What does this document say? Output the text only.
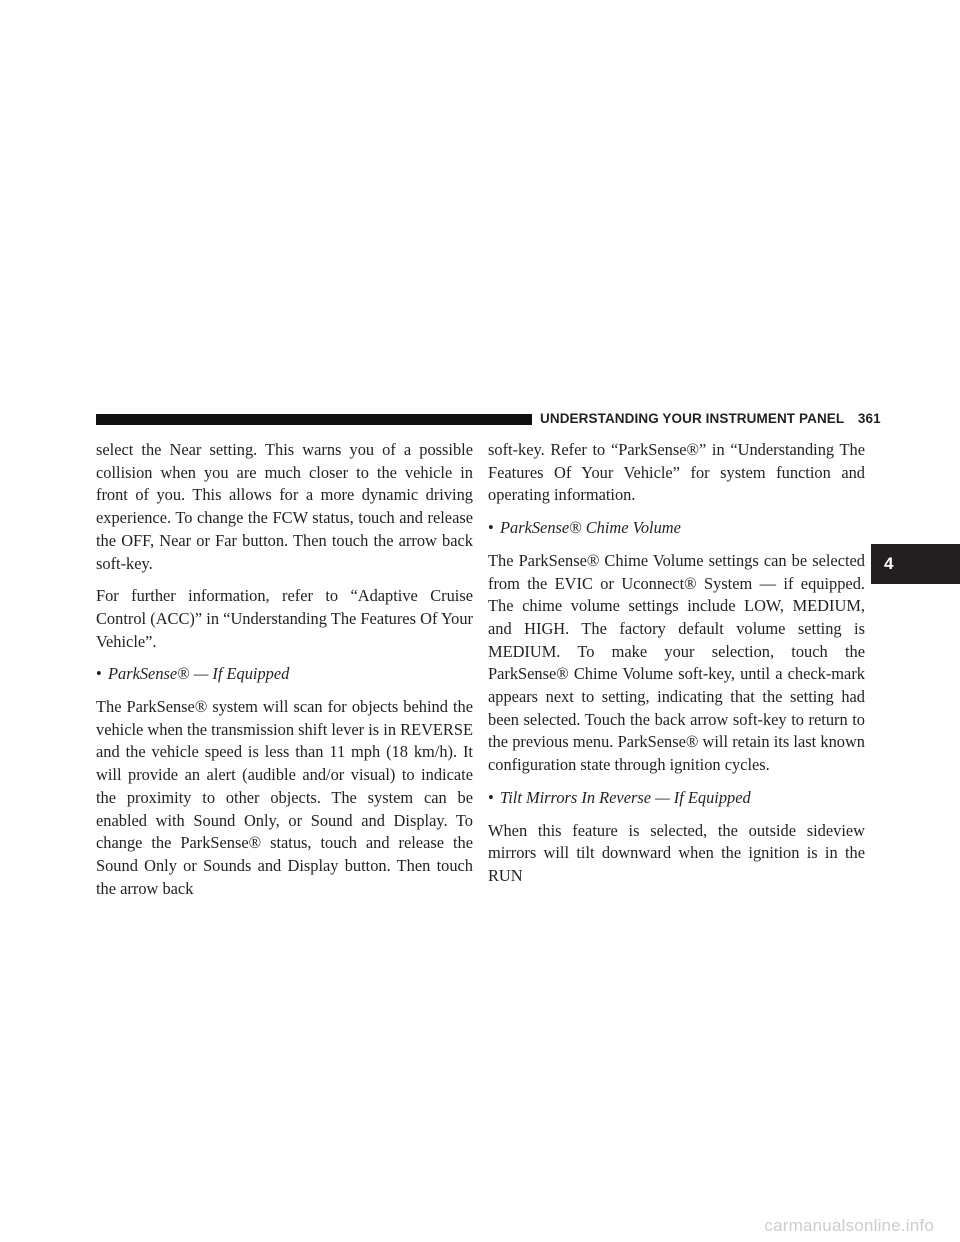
UNDERSTANDING YOUR INSTRUMENT PANEL 361

select the Near setting. This warns you of a possible collision when you are much closer to the vehicle in front of you. This allows for a more dynamic driving experience. To change the FCW status, touch and release the OFF, Near or Far button. Then touch the arrow back soft-key.

For further information, refer to “Adaptive Cruise Control (ACC)” in “Understanding The Features Of Your Vehicle”.

• ParkSense® — If Equipped

The ParkSense® system will scan for objects behind the vehicle when the transmission shift lever is in REVERSE and the vehicle speed is less than 11 mph (18 km/h). It will provide an alert (audible and/or visual) to indicate the proximity to other objects. The system can be enabled with Sound Only, or Sound and Display. To change the ParkSense® status, touch and release the Sound Only or Sounds and Display button. Then touch the arrow back

soft-key. Refer to “ParkSense®” in “Understanding The Features Of Your Vehicle” for system function and operating information.

• ParkSense® Chime Volume

The ParkSense® Chime Volume settings can be selected from the EVIC or Uconnect® System — if equipped. The chime volume settings include LOW, MEDIUM, and HIGH. The factory default volume setting is MEDIUM. To make your selection, touch the ParkSense® Chime Volume soft-key, until a check-mark appears next to setting, indicating that the setting had been selected. Touch the back arrow soft-key to return to the previous menu. ParkSense® will retain its last known configuration state through ignition cycles.

• Tilt Mirrors In Reverse — If Equipped

When this feature is selected, the outside sideview mirrors will tilt downward when the ignition is in the RUN

4
carmanualsonline.info
